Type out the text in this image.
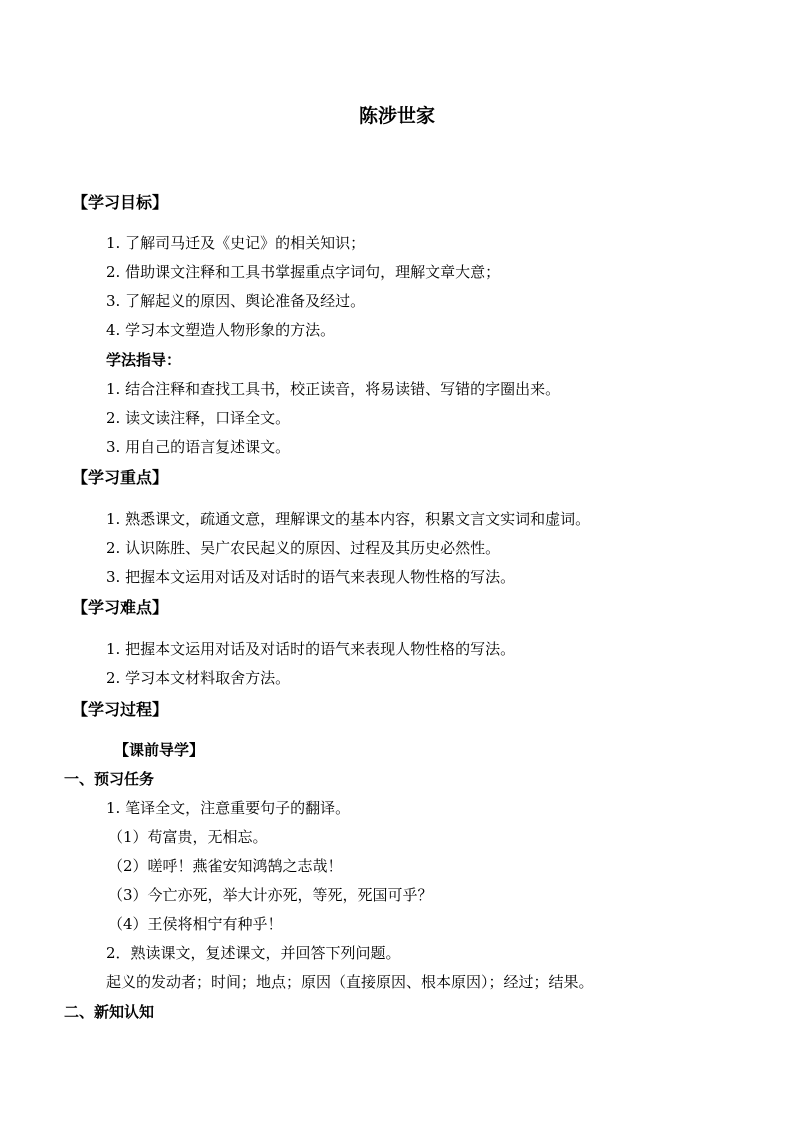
陈涉世家
【学习目标】
1. 了解司马迁及《史记》的相关知识；
2. 借助课文注释和工具书掌握重点字词句，理解文章大意；
3. 了解起义的原因、舆论准备及经过。
4. 学习本文塑造人物形象的方法。
学法指导：
1. 结合注释和查找工具书，校正读音，将易读错、写错的字圈出来。
2. 读文读注释，口译全文。
3. 用自己的语言复述课文。
【学习重点】
1. 熟悉课文，疏通文意，理解课文的基本内容，积累文言文实词和虚词。
2. 认识陈胜、吴广农民起义的原因、过程及其历史必然性。
3. 把握本文运用对话及对话时的语气来表现人物性格的写法。
【学习难点】
1. 把握本文运用对话及对话时的语气来表现人物性格的写法。
2. 学习本文材料取舍方法。
【学习过程】
【课前导学】
一、预习任务
1. 笔译全文，注意重要句子的翻译。
（1）苟富贵，无相忘。
（2）嗟呼！燕雀安知鸿鹄之志哉！
（3）今亡亦死，举大计亦死，等死，死国可乎？
（4）王侯将相宁有种乎！
2．熟读课文，复述课文，并回答下列问题。
起义的发动者；时间；地点；原因（直接原因、根本原因）；经过；结果。
二、新知认知
